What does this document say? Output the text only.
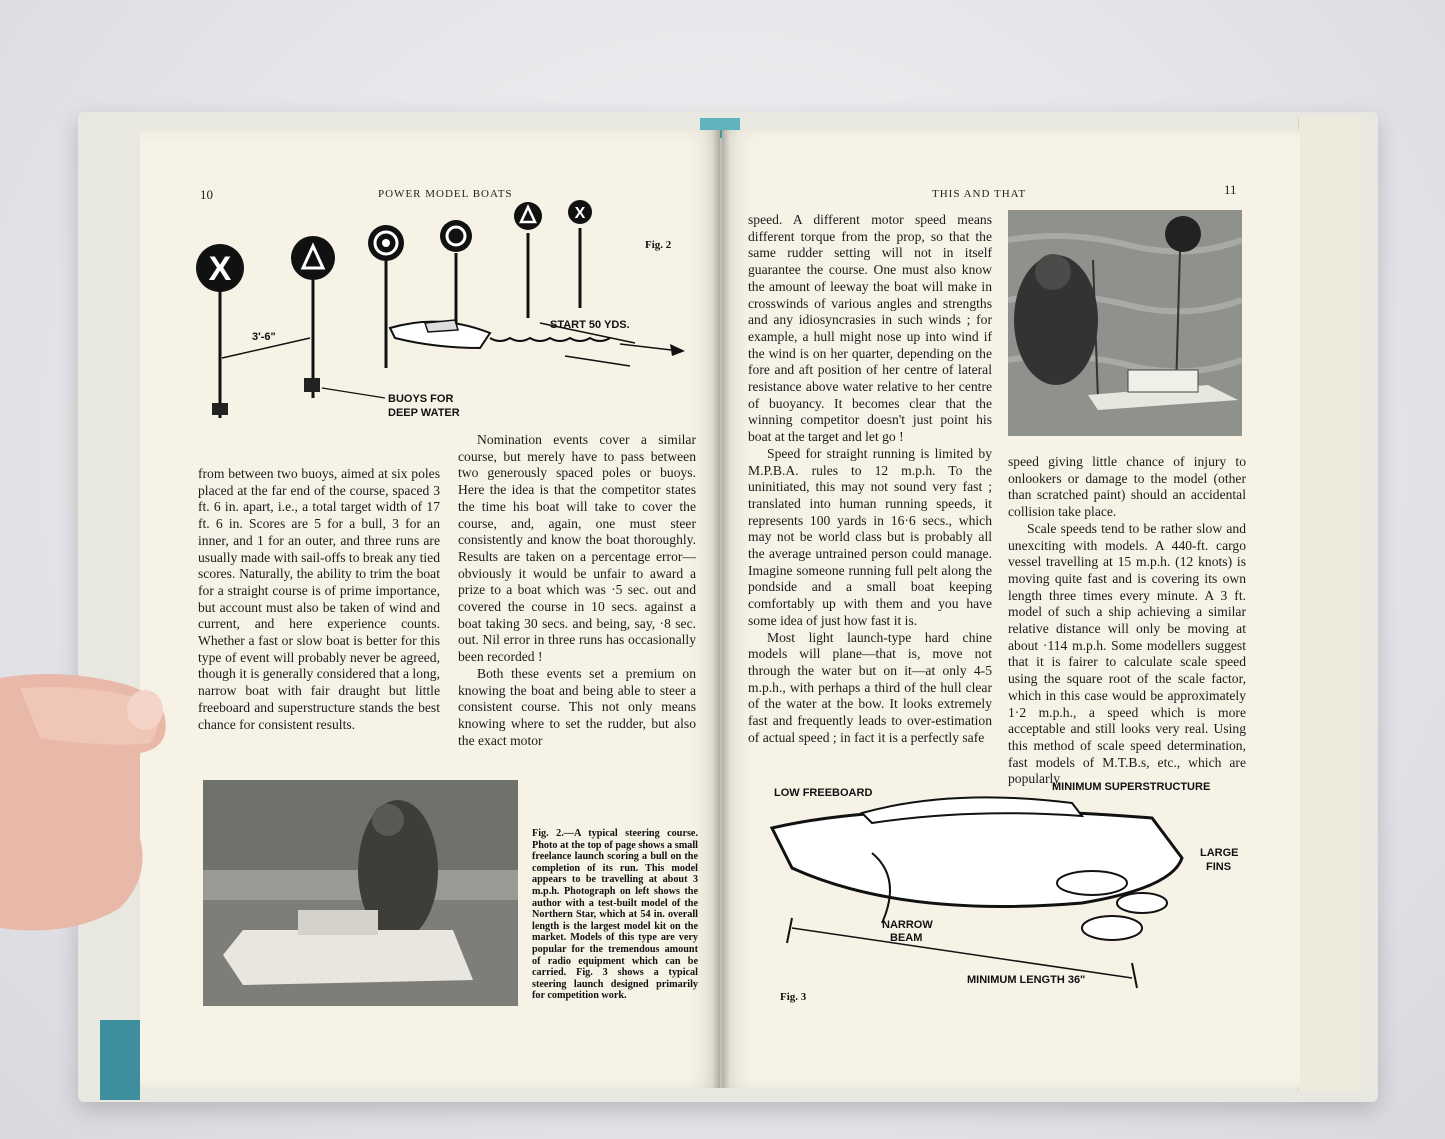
10	POWER MODEL BOATS
X
X
3'-6"
START 50 YDS.
BUOYS FOR
DEEP WATER
Fig. 2

from between two buoys, aimed at six poles placed at the far end of the course, spaced 3 ft. 6 in. apart, i.e., a total target width of 17 ft. 6 in. Scores are 5 for a bull, 3 for an inner, and 1 for an outer, and three runs are usually made with sail-offs to break any tied scores. Naturally, the ability to trim the boat for a straight course is of prime importance, but account must also be taken of wind and current, and here experience counts. Whether a fast or slow boat is better for this type of event will probably never be agreed, though it is generally considered that a long, narrow boat with fair draught but little freeboard and superstructure stands the best chance for consistent results.

Nomination events cover a similar course, but merely have to pass between two generously spaced poles or buoys. Here the idea is that the competitor states the time his boat will take to cover the course, and, again, one must steer consistently and know the boat thoroughly. Results are taken on a percentage error—obviously it would be unfair to award a prize to a boat which was ·5 sec. out and covered the course in 10 secs. against a boat taking 30 secs. and being, say, ·8 sec. out. Nil error in three runs has occasionally been recorded !

Both these events set a premium on knowing the boat and being able to steer a consistent course. This not only means knowing where to set the rudder, but also the exact motor

Fig. 2.—A typical steering course. Photo at the top of page shows a small freelance launch scoring a bull on the completion of its run. This model appears to be travelling at about 3 m.p.h. Photograph on left shows the author with a test-built model of the Northern Star, which at 54 in. overall length is the largest model kit on the market. Models of this type are very popular for the tremendous amount of radio equipment which can be carried. Fig. 3 shows a typical steering launch designed primarily for competition work.
THIS AND THAT	11

speed. A different motor speed means different torque from the prop, so that the same rudder setting will not in itself guarantee the course. One must also know the amount of leeway the boat will make in crosswinds of various angles and strengths and any idiosyncrasies in such winds ; for example, a hull might nose up into wind if the wind is on her quarter, depending on the fore and aft position of her centre of lateral resistance above water relative to her centre of buoyancy. It becomes clear that the winning competitor doesn't just point his boat at the target and let go !

Speed for straight running is limited by M.P.B.A. rules to 12 m.p.h. To the uninitiated, this may not sound very fast ; translated into human running speeds, it represents 100 yards in 16·6 secs., which may not be world class but is probably all the average untrained person could manage. Imagine someone running full pelt along the pondside and a small boat keeping comfortably up with them and you have some idea of just how fast it is.

Most light launch-type hard chine models will plane—that is, move not through the water but on it—at only 4-5 m.p.h., with perhaps a third of the hull clear of the water at the bow. It looks extremely fast and frequently leads to over-estimation of actual speed ; in fact it is a perfectly safe

speed giving little chance of injury to onlookers or damage to the model (other than scratched paint) should an accidental collision take place.

Scale speeds tend to be rather slow and unexciting with models. A 440-ft. cargo vessel travelling at 15 m.p.h. (12 knots) is moving quite fast and is covering its own length three times every minute. A 3 ft. model of such a ship achieving a similar relative distance will only be moving at about ·114 m.p.h. Some modellers suggest that it is fairer to calculate scale speed using the square root of the scale factor, which in this case would be approximately 1·2 m.p.h., a speed which is more acceptable and still looks very real. Using this method of scale speed determination, fast models of M.T.B.s, etc., which are popularly

LOW FREEBOARD	MINIMUM SUPERSTRUCTURE
LARGE
FINS
NARROW
BEAM
MINIMUM LENGTH 36"
Fig. 3
